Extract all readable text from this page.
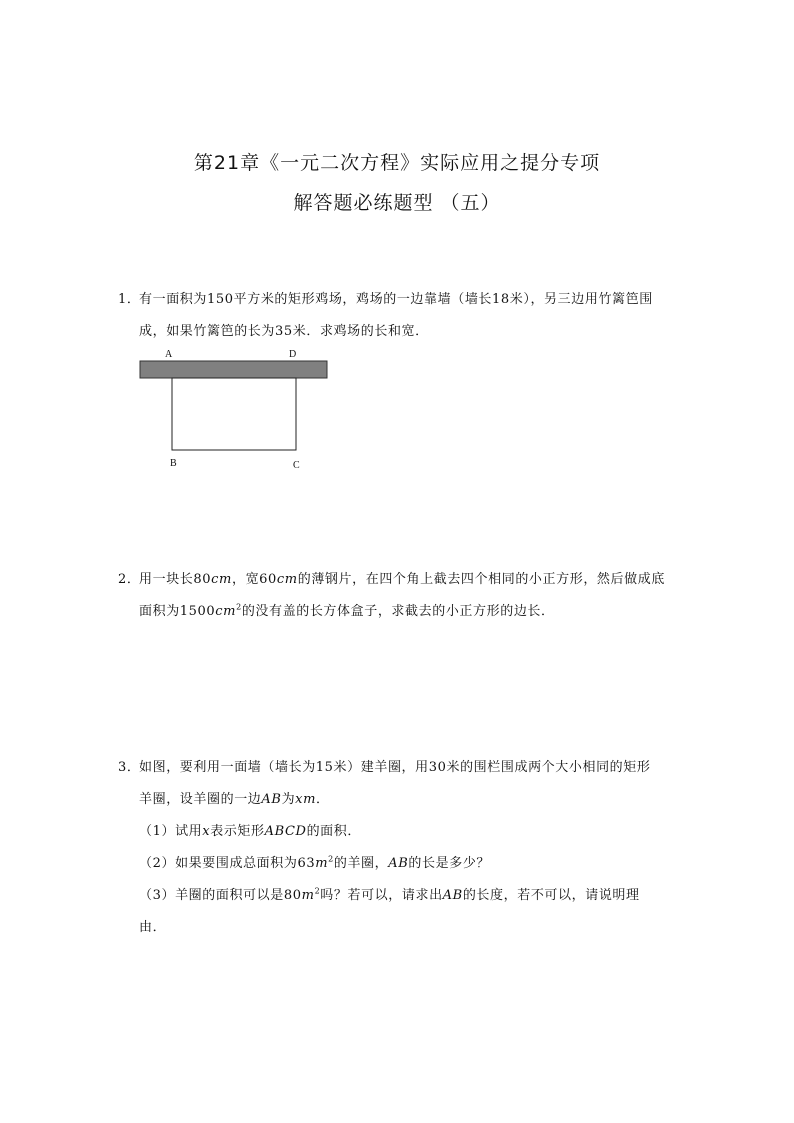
第21章《一元二次方程》实际应用之提分专项
解答题必练题型 （五）
1．有一面积为150平方米的矩形鸡场，鸡场的一边靠墙（墙长18米），另三边用竹篱笆围
成，如果竹篱笆的长为35米．求鸡场的长和宽．
A	D
B	C
2．用一块长80cm，宽60cm的薄钢片，在四个角上截去四个相同的小正方形，然后做成底
面积为$1500cm^2$的没有盖的长方体盒子，求截去的小正方形的边长．
3．如图，要利用一面墙（墙长为15米）建羊圈，用30米的围栏围成两个大小相同的矩形
羊圈，设羊圈的一边AB为xm．
（1）试用x表示矩形ABCD的面积．
（2）如果要围成总面积为$63m^2$的羊圈，AB的长是多少？
（3）羊圈的面积可以是$80m^2$吗？若可以，请求出AB的长度，若不可以，请说明理
由．
